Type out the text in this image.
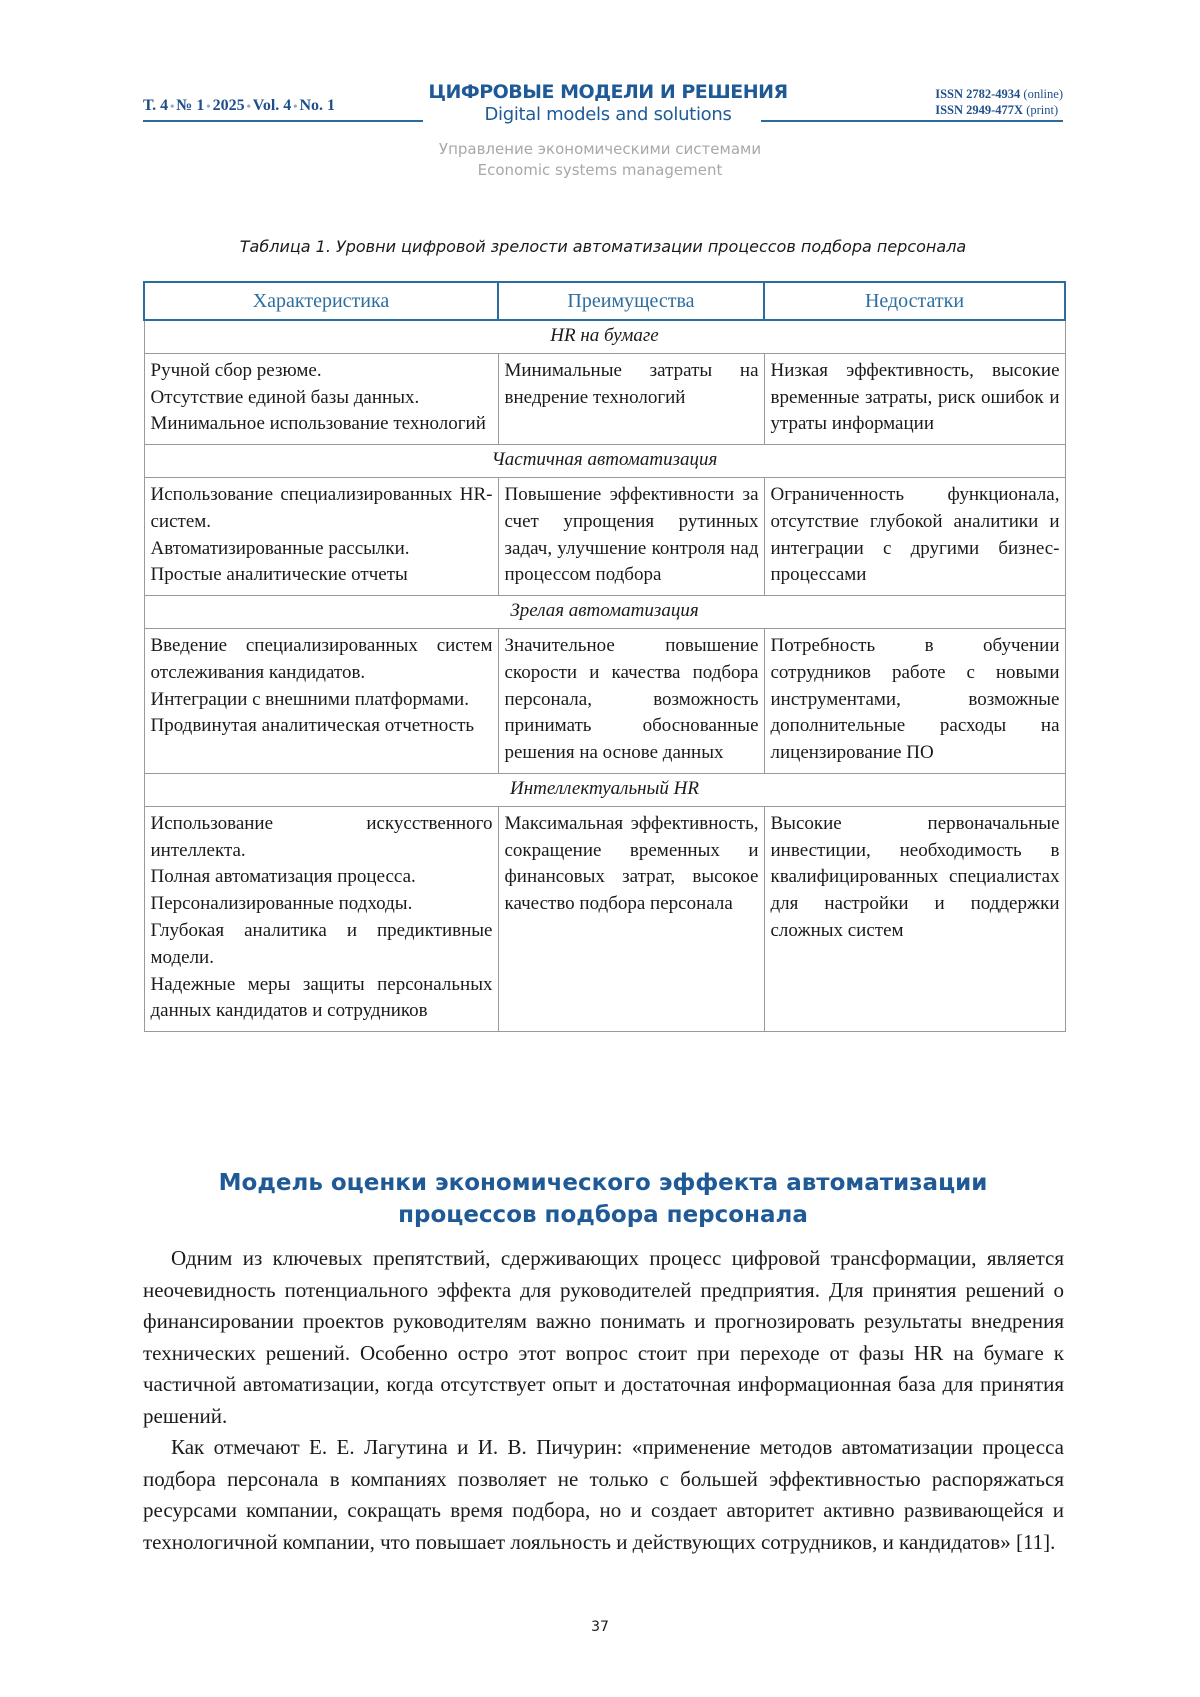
Т. 4 • № 1 • 2025 • Vol. 4 • No. 1
ЦИФРОВЫЕ МОДЕЛИ И РЕШЕНИЯ
Digital models and solutions
ISSN 2782-4934 (online)
ISSN 2949-477X (print)
Управление экономическими системами
Economic systems management
Таблица 1. Уровни цифровой зрелости автоматизации процессов подбора персонала
Характеристика	Преимущества	Недостатки
HR на бумаге		

Ручной сбор резюме.
Отсутствие единой базы данных.
Минимальное использование технологий	Минимальные затраты на внедрение технологий	Низкая эффективность, высокие временные затраты, риск ошибок и утраты информации
Частичная автоматизация		

Использование специализированных HR-систем.
Автоматизированные рассылки.
Простые аналитические отчеты	Повышение эффективности за счет упрощения рутинных задач, улучшение контроля над процессом подбора	Ограниченность функционала, отсутствие глубокой аналитики и интеграции с другими бизнес-процессами
Зрелая автоматизация		

Введение специализированных систем отслеживания кандидатов.
Интеграции с внешними платформами.
Продвинутая аналитическая отчетность	Значительное повышение скорости и качества подбора персонала, возможность принимать обоснованные решения на основе данных	Потребность в обучении сотрудников работе с новыми инструментами, возможные дополнительные расходы на лицензирование ПО
Интеллектуальный HR		

Использование искусственного интеллекта.
Полная автоматизация процесса.
Персонализированные подходы.
Глубокая аналитика и предиктивные модели.
Надежные меры защиты персональных данных кандидатов и сотрудников	Максимальная эффективность, сокращение временных и финансовых затрат, высокое качество подбора персонала	Высокие первоначальные инвестиции, необходимость в квалифицированных специалистах для настройки и поддержки сложных систем
Модель оценки экономического эффекта автоматизации
процессов подбора персонала

Одним из ключевых препятствий, сдерживающих процесс цифровой трансформации, является неочевидность потенциального эффекта для руководителей предприятия. Для принятия решений о финансировании проектов руководителям важно понимать и прогнозировать результаты внедрения технических решений. Особенно остро этот вопрос стоит при переходе от фазы HR на бумаге к частичной автоматизации, когда отсутствует опыт и достаточная информационная база для принятия решений.

Как отмечают Е. Е. Лагутина и И. В. Пичурин: «применение методов автоматизации процесса подбора персонала в компаниях позволяет не только с большей эффективностью распоряжаться ресурсами компании, сокращать время подбора, но и создает авторитет активно развивающейся и технологичной компании, что повышает лояльность и действующих сотрудников, и кандидатов» [11].

37
